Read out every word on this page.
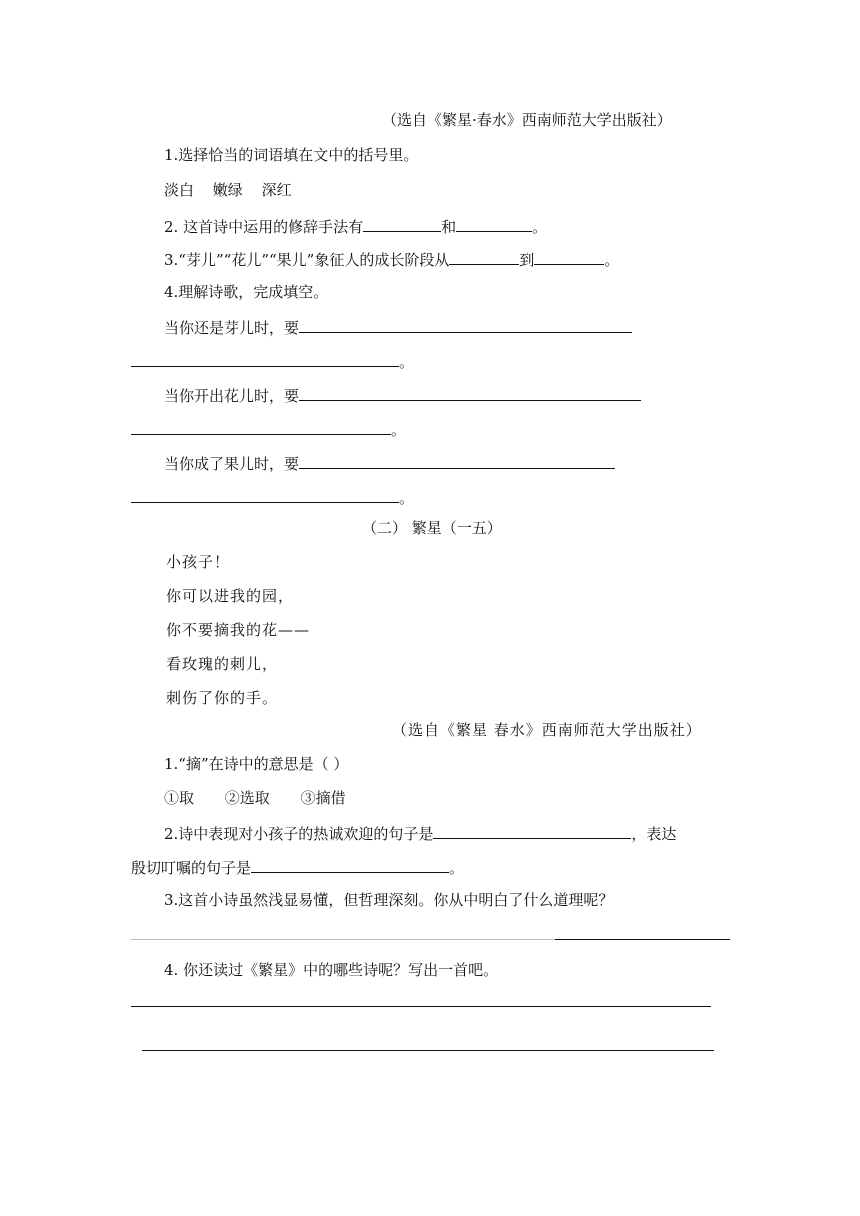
（选自《繁星·春水》西南师范大学出版社）
1.选择恰当的词语填在文中的括号里。
淡白 嫩绿 深红
2. 这首诗中运用的修辞手法有	和	。
3.“芽儿”“花儿”“果儿”象征人的成长阶段从	到	。
4.理解诗歌，完成填空。
当你还是芽儿时，要
。
当你开出花儿时，要
。
当你成了果儿时，要
。
（二） 繁星（一五）
小孩子！
你可以进我的园，
你不要摘我的花——
看玫瑰的刺儿，
刺伤了你的手。
（选自《繁星 春水》西南师范大学出版社）
1.“摘”在诗中的意思是（ ）
①取 ②选取 ③摘借
2.诗中表现对小孩子的热诚欢迎的句子是	，表达
殷切叮嘱的句子是	。
3.这首小诗虽然浅显易懂，但哲理深刻。你从中明白了什么道理呢？
4. 你还读过《繁星》中的哪些诗呢？写出一首吧。
